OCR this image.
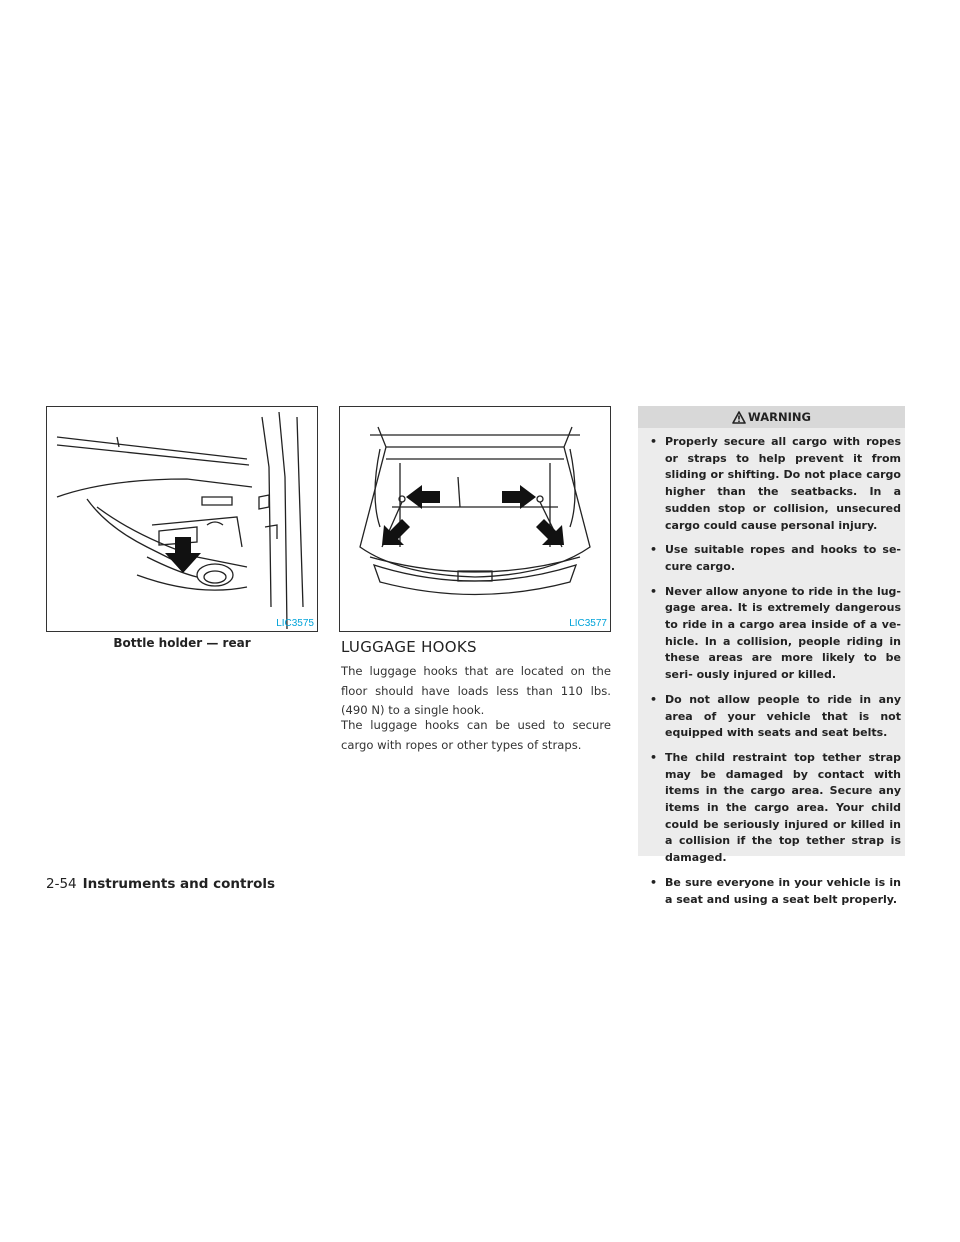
LIC3575
Bottle holder — rear
LIC3577
LUGGAGE HOOKS

The luggage hooks that are located on the floor should have loads less than 110 lbs. (490 N) to a single hook.

The luggage hooks can be used to secure cargo with ropes or other types of straps.

WARNING
• Properly secure all cargo with ropes or straps to help prevent it from sliding or shifting. Do not place cargo higher than the seatbacks. In a sudden stop or collision, unsecured cargo could cause personal injury.
• Use suitable ropes and hooks to se- cure cargo.
• Never allow anyone to ride in the lug- gage area. It is extremely dangerous to ride in a cargo area inside of a ve- hicle. In a collision, people riding in these areas are more likely to be seri- ously injured or killed.
• Do not allow people to ride in any area of your vehicle that is not equipped with seats and seat belts.
• The child restraint top tether strap may be damaged by contact with items in the cargo area. Secure any items in the cargo area. Your child could be seriously injured or killed in a collision if the top tether strap is damaged.
• Be sure everyone in your vehicle is in a seat and using a seat belt properly.
2-54 Instruments and controls
